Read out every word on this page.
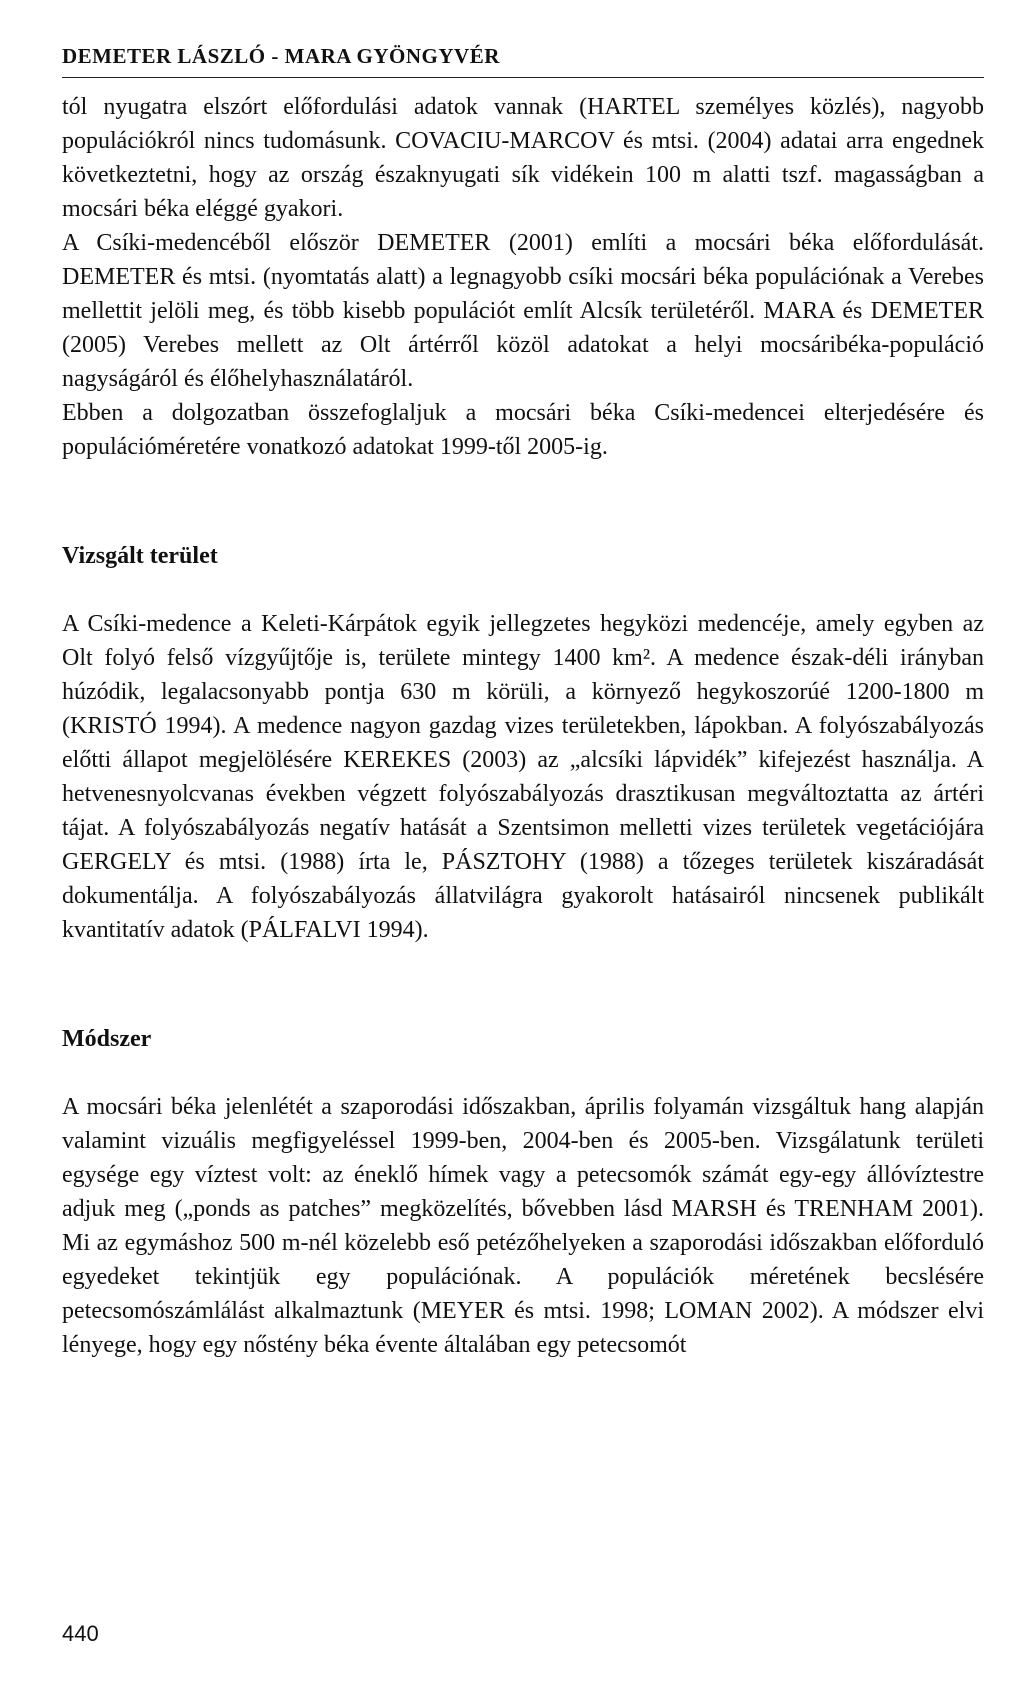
DEMETER LÁSZLÓ - MARA GYÖNGYVÉR

tól nyugatra elszórt előfordulási adatok vannak (HARTEL személyes közlés), nagyobb populációkról nincs tudomásunk. COVACIU-MARCOV és mtsi. (2004) adatai arra engednek következtetni, hogy az ország északnyugati sík vidékein 100 m alatti tszf. magasságban a mocsári béka eléggé gyakori.

A Csíki-medencéből először DEMETER (2001) említi a mocsári béka előfordulását. DEMETER és mtsi. (nyomtatás alatt) a legnagyobb csíki mocsári béka populációnak a Verebes mellettit jelöli meg, és több kisebb populációt említ Alcsík területéről. MARA és DEMETER (2005) Verebes mellett az Olt ártérről közöl adatokat a helyi mocsáribéka-populáció nagyságáról és élőhelyhasználatáról.

Ebben a dolgozatban összefoglaljuk a mocsári béka Csíki-medencei elterjedésére és populációméretére vonatkozó adatokat 1999-től 2005-ig.

Vizsgált terület

A Csíki-medence a Keleti-Kárpátok egyik jellegzetes hegyközi medencéje, amely egyben az Olt folyó felső vízgyűjtője is, területe mintegy 1400 km². A medence észak-déli irányban húzódik, legalacsonyabb pontja 630 m körüli, a környező hegykoszorúé 1200-1800 m (KRISTÓ 1994). A medence nagyon gazdag vizes területekben, lápokban. A folyószabályozás előtti állapot megjelölésére KEREKES (2003) az „alcsíki lápvidék” kifejezést használja. A hetvenesnyolcvanas években végzett folyószabályozás drasztikusan megváltoztatta az ártéri tájat. A folyószabályozás negatív hatását a Szentsimon melletti vizes területek vegetációjára GERGELY és mtsi. (1988) írta le, PÁSZTOHY (1988) a tőzeges területek kiszáradását dokumentálja. A folyószabályozás állatvilágra gyakorolt hatásairól nincsenek publikált kvantitatív adatok (PÁLFALVI 1994).

Módszer

A mocsári béka jelenlétét a szaporodási időszakban, április folyamán vizsgáltuk hang alapján valamint vizuális megfigyeléssel 1999-ben, 2004-ben és 2005-ben. Vizsgálatunk területi egysége egy víztest volt: az éneklő hímek vagy a petecsomók számát egy-egy állóvíztestre adjuk meg („ponds as patches” megközelítés, bővebben lásd MARSH és TRENHAM 2001). Mi az egymáshoz 500 m-nél közelebb eső petézőhelyeken a szaporodási időszakban előforduló egyedeket tekintjük egy populációnak. A populációk méretének becslésére petecsomószámlálást alkalmaztunk (MEYER és mtsi. 1998; LOMAN 2002). A módszer elvi lényege, hogy egy nőstény béka évente általában egy petecsomót

440
